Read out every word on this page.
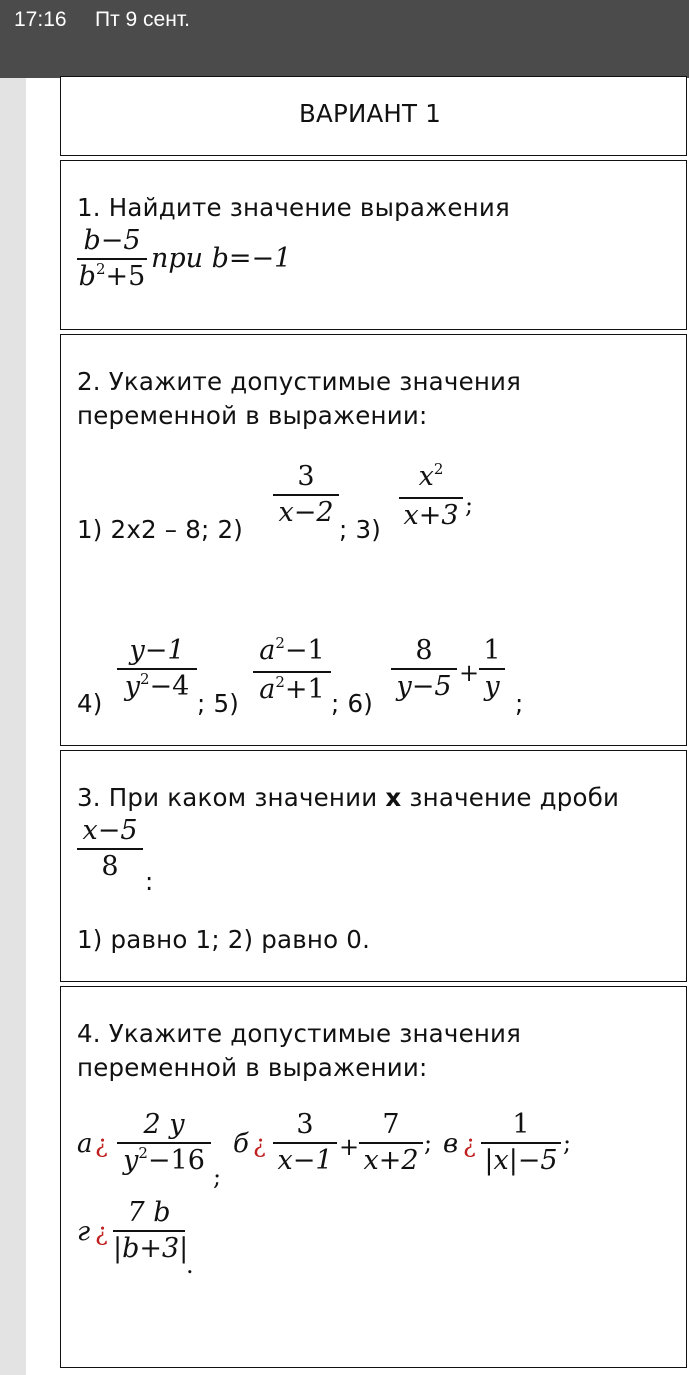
17:16 Пт 9 сент.
ВАРИАНТ 1
1. Найдите значение выражения
b−5
$b^2+5$
при b=−1
2. Укажите допустимые значения
переменной в выражении:
1) 2x2 – 8; 2)
3
x−2
; 3)
$x^2$
x+3 ;
4)
y−1
$y^2-4$
; 5)
$a^2-1$
$a^2+1$ ; 6)
8
y−5 +
1
y
;
3. При каком значении x значение дроби
x−5
8	:
1) равно 1; 2) равно 0.
4. Укажите допустимые значения
переменной в выражении:
а ¿
2 y
$y^2-16$
;
б ¿
3
x−1 +
7
x+2
; в ¿
1
|x|−5
;
г ¿
7 b
|b+3|
.
